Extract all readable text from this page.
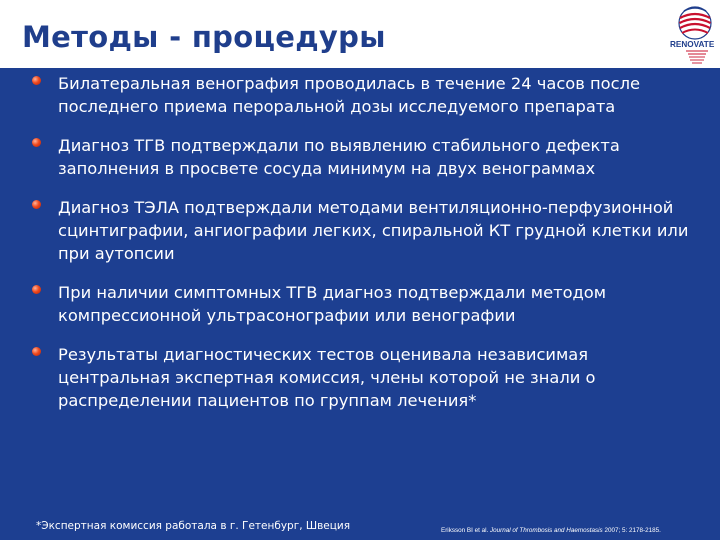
Методы - процедуры	RENOVATE
Билатеральная венография проводилась в течение 24 часов после последнего приема пероральной дозы исследуемого препарата
Диагноз ТГВ подтверждали по выявлению стабильного дефекта заполнения в просвете сосуда минимум на двух венограммах
Диагноз ТЭЛА подтверждали методами вентиляционно-перфузионной сцинтиграфии, ангиографии легких, спиральной КТ грудной клетки или при аутопсии
При наличии симптомных ТГВ диагноз подтверждали методом компрессионной ультрасонографии или венографии
Результаты диагностических тестов оценивала независимая центральная экспертная комиссия, члены которой не знали о распределении пациентов по группам лечения*
*Экспертная комиссия работала в г. Гетенбург, Швеция	Eriksson BI et al. Journal of Thrombosis and Haemostasis 2007; 5: 2178-2185.
